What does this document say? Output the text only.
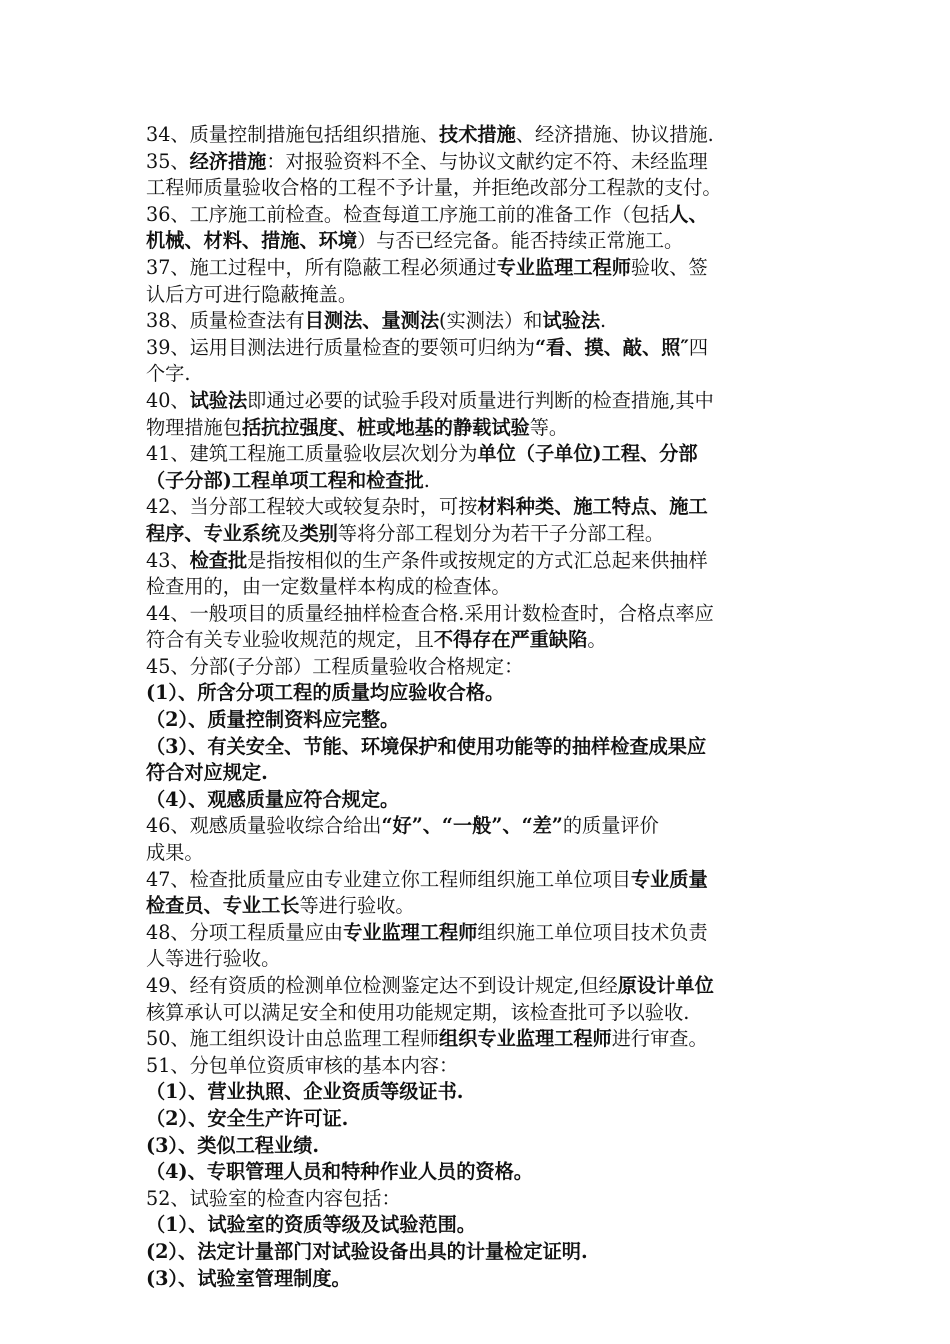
34、质量控制措施包括组织措施、技术措施、经济措施、协议措施.
35、经济措施：对报验资料不全、与协议文献约定不符、未经监理
工程师质量验收合格的工程不予计量，并拒绝改部分工程款的支付。
36、工序施工前检查。检查每道工序施工前的准备工作（包括人、
机械、材料、措施、环境）与否已经完备。能否持续正常施工。
37、施工过程中，所有隐蔽工程必须通过专业监理工程师验收、签
认后方可进行隐蔽掩盖。
38、质量检查法有目测法、量测法(实测法）和试验法.
39、运用目测法进行质量检查的要领可归纳为“看、摸、敲、照″四
个字.
40、试验法即通过必要的试验手段对质量进行判断的检查措施,其中
物理措施包括抗拉强度、桩或地基的静载试验等。
41、建筑工程施工质量验收层次划分为单位（子单位)工程、分部
（子分部)工程单项工程和检查批.
42、当分部工程较大或较复杂时，可按材料种类、施工特点、施工
程序、专业系统及类别等将分部工程划分为若干子分部工程。
43、检查批是指按相似的生产条件或按规定的方式汇总起来供抽样
检查用的，由一定数量样本构成的检查体。
44、一般项目的质量经抽样检查合格.采用计数检查时，合格点率应
符合有关专业验收规范的规定，且不得存在严重缺陷。
45、分部(子分部）工程质量验收合格规定：
(1）、所含分项工程的质量均应验收合格。
（2）、质量控制资料应完整。
（3）、有关安全、节能、环境保护和使用功能等的抽样检查成果应
符合对应规定.
（4）、观感质量应符合规定。
46、观感质量验收综合给出“好”、“一般”、“差”的质量评价
成果。
47、检查批质量应由专业建立你工程师组织施工单位项目专业质量
检查员、专业工长等进行验收。
48、分项工程质量应由专业监理工程师组织施工单位项目技术负责
人等进行验收。
49、经有资质的检测单位检测鉴定达不到设计规定,但经原设计单位
核算承认可以满足安全和使用功能规定期，该检查批可予以验收.
50、施工组织设计由总监理工程师组织专业监理工程师进行审查。
51、分包单位资质审核的基本内容：
（1）、营业执照、企业资质等级证书.
（2）、安全生产许可证.
(3）、类似工程业绩.
（4)、专职管理人员和特种作业人员的资格。
52、试验室的检查内容包括：
（1）、试验室的资质等级及试验范围。
(2）、法定计量部门对试验设备出具的计量检定证明.
(3）、试验室管理制度。
